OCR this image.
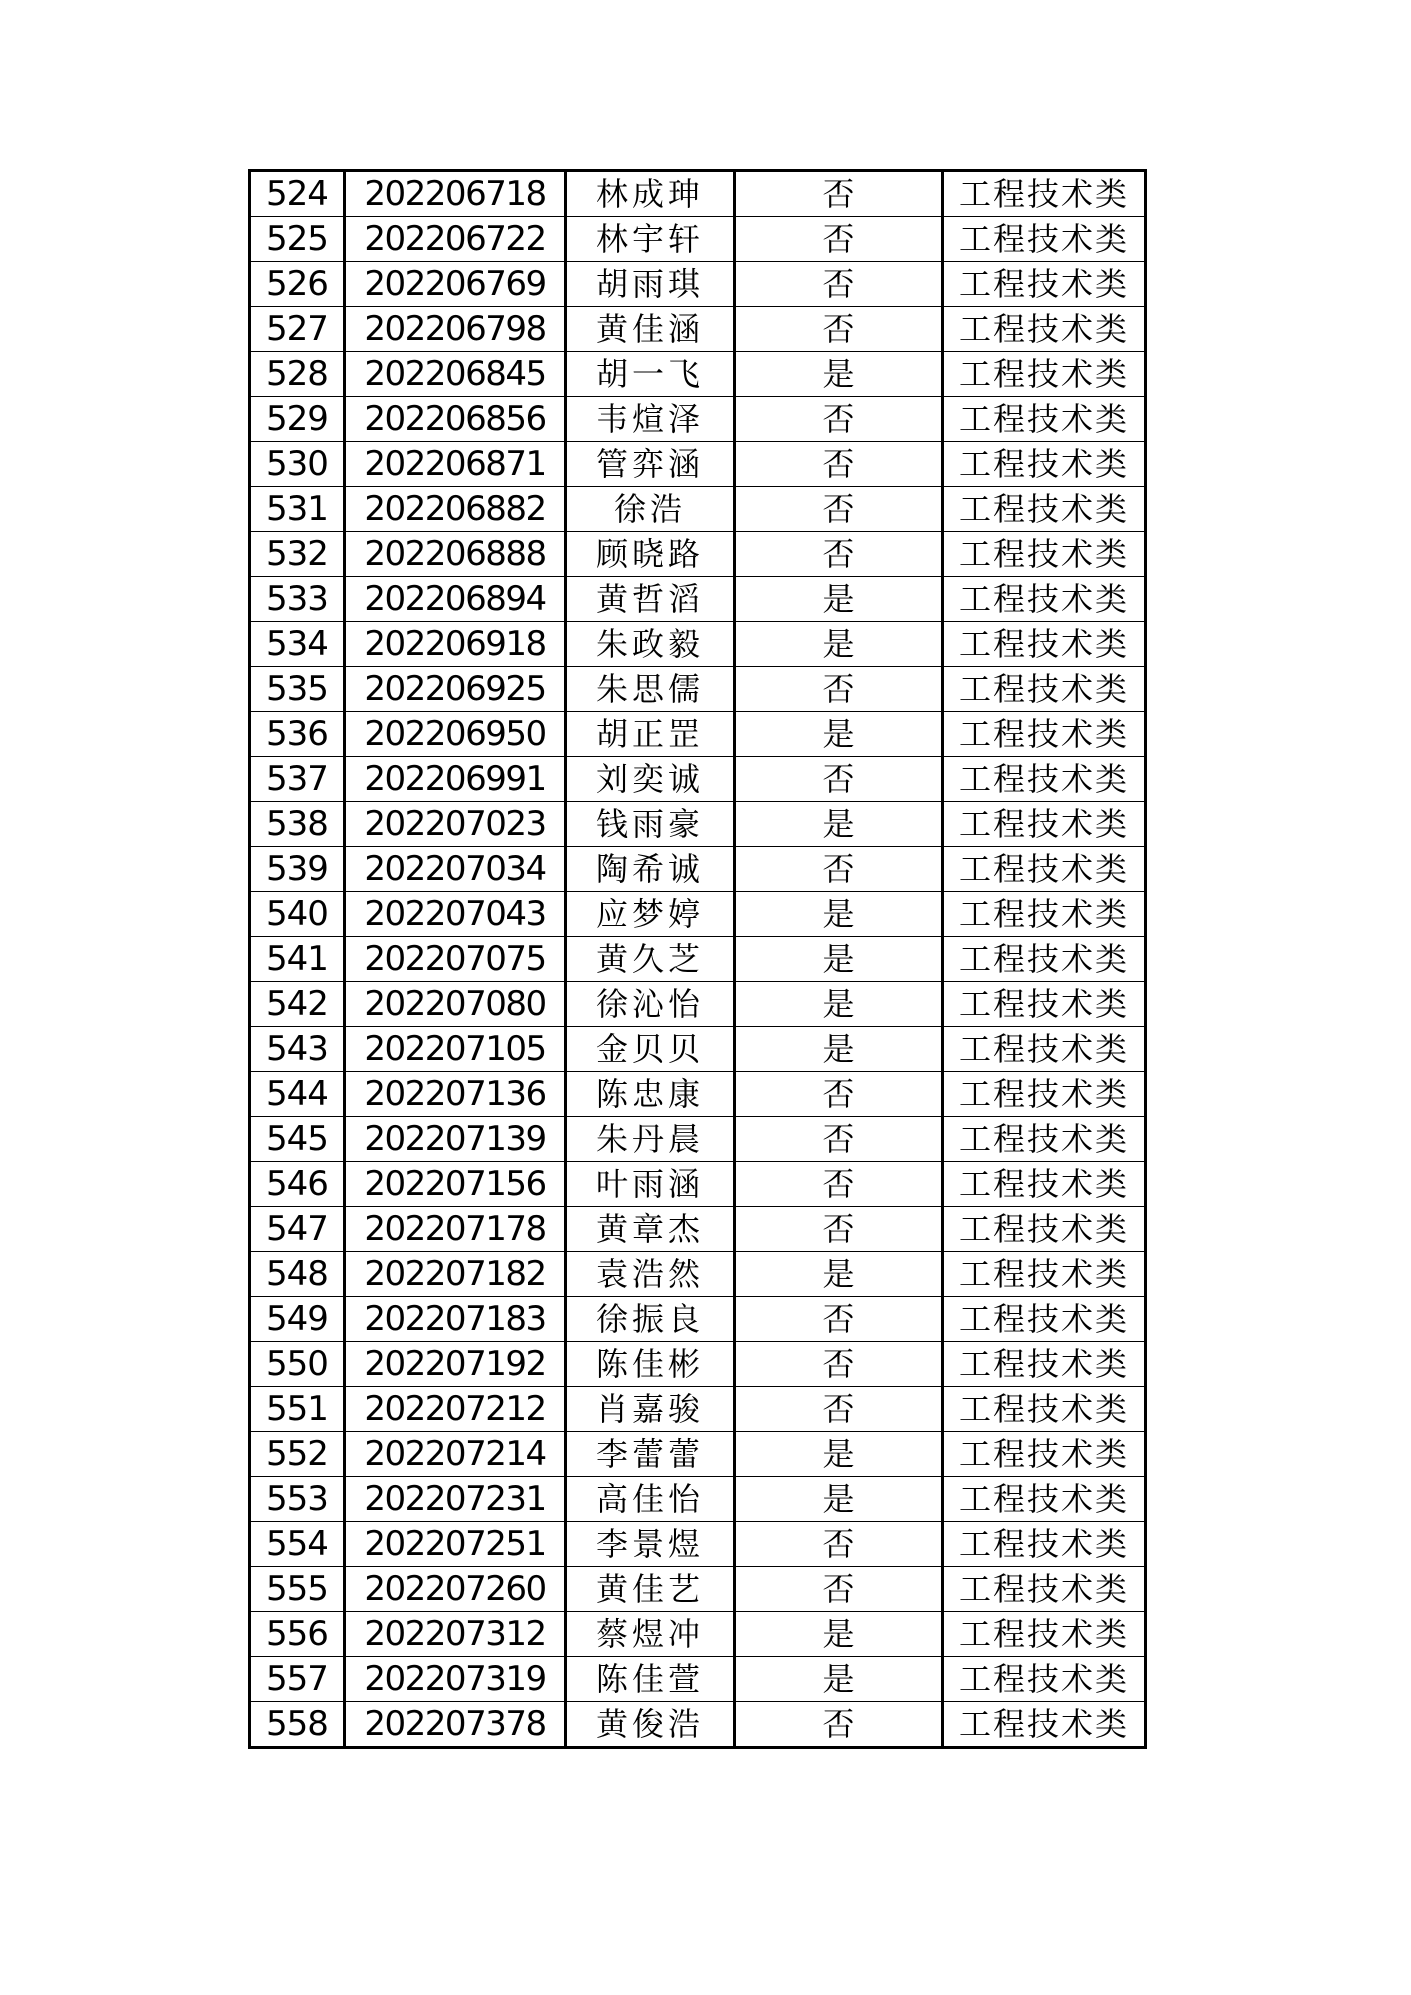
524	202206718	林成珅	否	工程技术类
525	202206722	林宇轩	否	工程技术类
526	202206769	胡雨琪	否	工程技术类
527	202206798	黄佳涵	否	工程技术类
528	202206845	胡一飞	是	工程技术类
529	202206856	韦煊泽	否	工程技术类
530	202206871	管弈涵	否	工程技术类
531	202206882	徐浩	否	工程技术类
532	202206888	顾晓路	否	工程技术类
533	202206894	黄哲滔	是	工程技术类
534	202206918	朱政毅	是	工程技术类
535	202206925	朱思儒	否	工程技术类
536	202206950	胡正罡	是	工程技术类
537	202206991	刘奕诚	否	工程技术类
538	202207023	钱雨豪	是	工程技术类
539	202207034	陶希诚	否	工程技术类
540	202207043	应梦婷	是	工程技术类
541	202207075	黄久芝	是	工程技术类
542	202207080	徐沁怡	是	工程技术类
543	202207105	金贝贝	是	工程技术类
544	202207136	陈忠康	否	工程技术类
545	202207139	朱丹晨	否	工程技术类
546	202207156	叶雨涵	否	工程技术类
547	202207178	黄章杰	否	工程技术类
548	202207182	袁浩然	是	工程技术类
549	202207183	徐振良	否	工程技术类
550	202207192	陈佳彬	否	工程技术类
551	202207212	肖嘉骏	否	工程技术类
552	202207214	李蕾蕾	是	工程技术类
553	202207231	高佳怡	是	工程技术类
554	202207251	李景煜	否	工程技术类
555	202207260	黄佳艺	否	工程技术类
556	202207312	蔡煜冲	是	工程技术类
557	202207319	陈佳萱	是	工程技术类
558	202207378	黄俊浩	否	工程技术类
